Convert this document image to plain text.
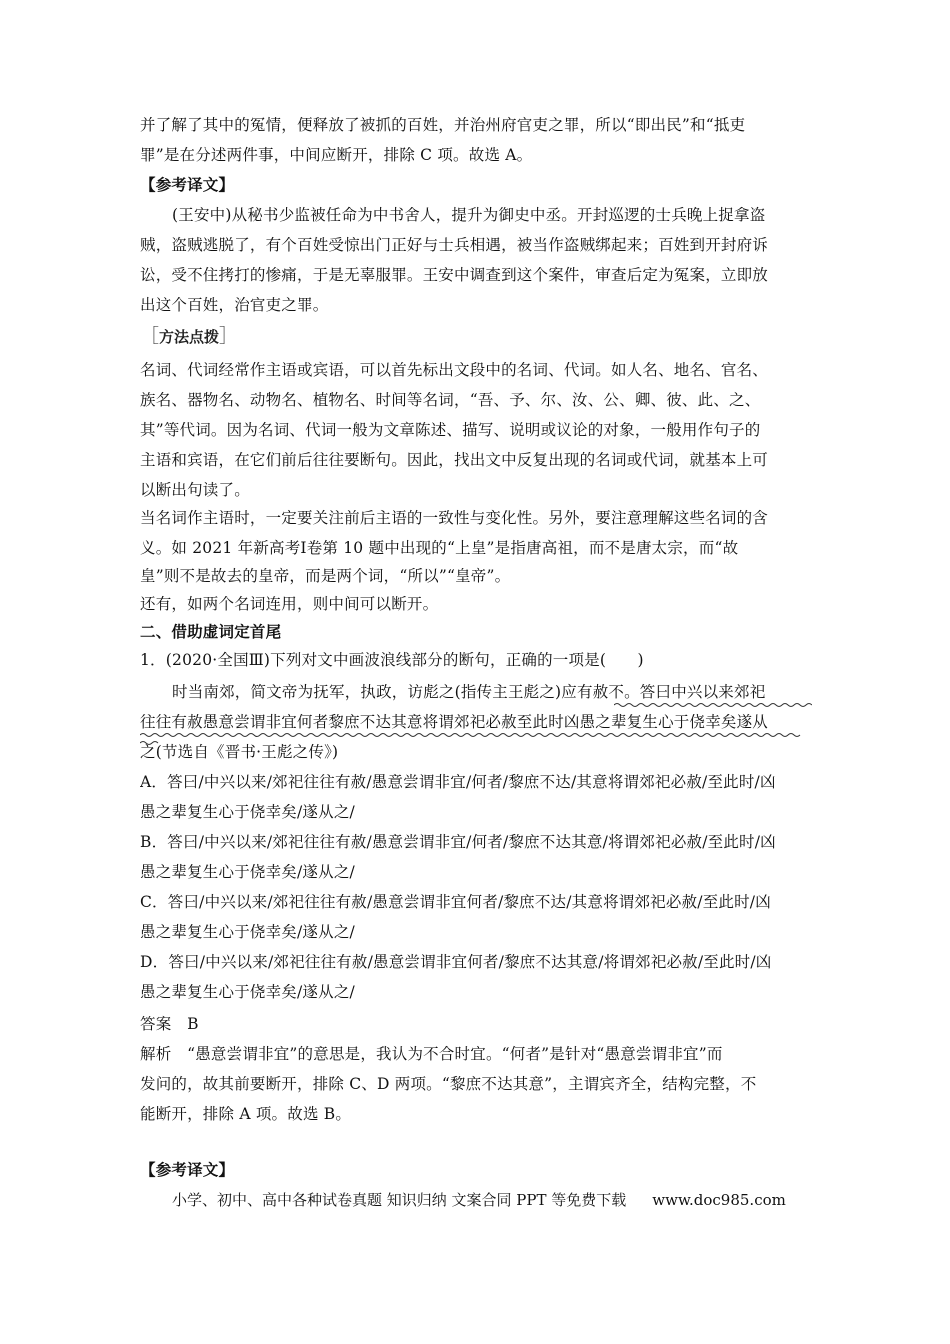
并了解了其中的冤情，便释放了被抓的百姓，并治州府官吏之罪，所以“即出民”和“抵吏
罪”是在分述两件事，中间应断开，排除 C 项。故选 A。
【参考译文】
(王安中)从秘书少监被任命为中书舍人，提升为御史中丞。开封巡逻的士兵晚上捉拿盗
贼，盗贼逃脱了，有个百姓受惊出门正好与士兵相遇，被当作盗贼绑起来；百姓到开封府诉
讼，受不住拷打的惨痛，于是无辜服罪。王安中调查到这个案件，审查后定为冤案，立即放
出这个百姓，治官吏之罪。
［方法点拨］
名词、代词经常作主语或宾语，可以首先标出文段中的名词、代词。如人名、地名、官名、
族名、器物名、动物名、植物名、时间等名词，“吾、予、尔、汝、公、卿、彼、此、之、
其”等代词。因为名词、代词一般为文章陈述、描写、说明或议论的对象，一般用作句子的
主语和宾语，在它们前后往往要断句。因此，找出文中反复出现的名词或代词，就基本上可
以断出句读了。
当名词作主语时，一定要关注前后主语的一致性与变化性。另外，要注意理解这些名词的含
义。如 2021 年新高考Ⅰ卷第 10 题中出现的“上皇”是指唐高祖，而不是唐太宗，而“故
皇”则不是故去的皇帝，而是两个词，“所以”“皇帝”。
还有，如两个名词连用，则中间可以断开。
二、借助虚词定首尾
1．(2020·全国Ⅲ)下列对文中画波浪线部分的断句，正确的一项是(　　)
时当南郊，简文帝为抚军，执政，访彪之(指传主王彪之)应有赦不。答曰中兴以来郊祀
往往有赦愚意尝谓非宜何者黎庶不达其意将谓郊祀必赦至此时凶愚之辈复生心于侥幸矣遂从
之(节选自《晋书·王彪之传》)
A．答曰/中兴以来/郊祀往往有赦/愚意尝谓非宜/何者/黎庶不达/其意将谓郊祀必赦/至此时/凶
愚之辈复生心于侥幸矣/遂从之/
B．答曰/中兴以来/郊祀往往有赦/愚意尝谓非宜/何者/黎庶不达其意/将谓郊祀必赦/至此时/凶
愚之辈复生心于侥幸矣/遂从之/
C．答曰/中兴以来/郊祀往往有赦/愚意尝谓非宜何者/黎庶不达/其意将谓郊祀必赦/至此时/凶
愚之辈复生心于侥幸矣/遂从之/
D．答曰/中兴以来/郊祀往往有赦/愚意尝谓非宜何者/黎庶不达其意/将谓郊祀必赦/至此时/凶
愚之辈复生心于侥幸矣/遂从之/
答案　B
解析　“愚意尝谓非宜”的意思是，我认为不合时宜。“何者”是针对“愚意尝谓非宜”而
发问的，故其前要断开，排除 C、D 两项。“黎庶不达其意”，主谓宾齐全，结构完整，不
能断开，排除 A 项。故选 B。
【参考译文】
小学、初中、高中各种试卷真题 知识归纳 文案合同 PPT 等免费下载 www.doc985.com
